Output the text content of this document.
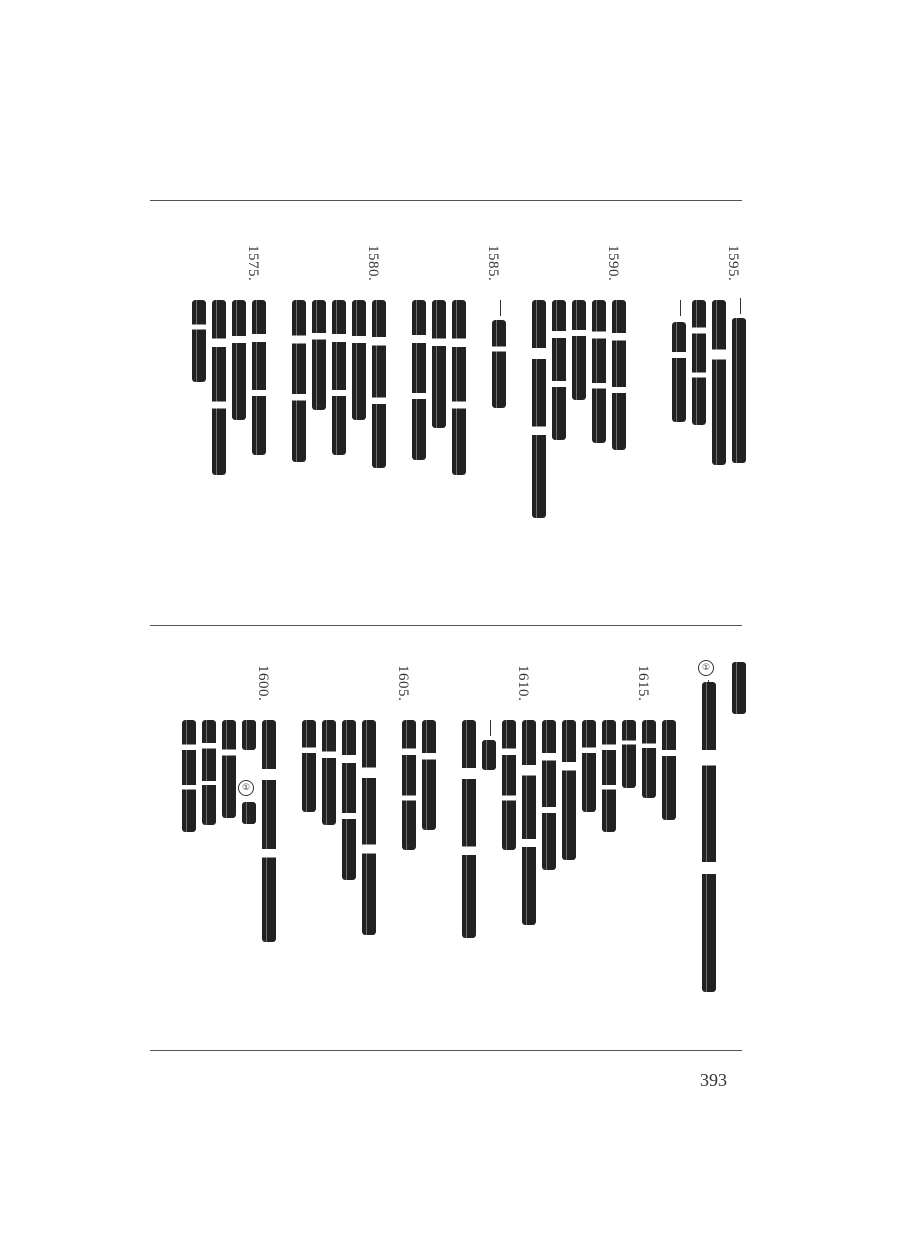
1595.
1590.
1585.
1580.
1575.
①
1615.
1610.
1605.
1600.
①
393
